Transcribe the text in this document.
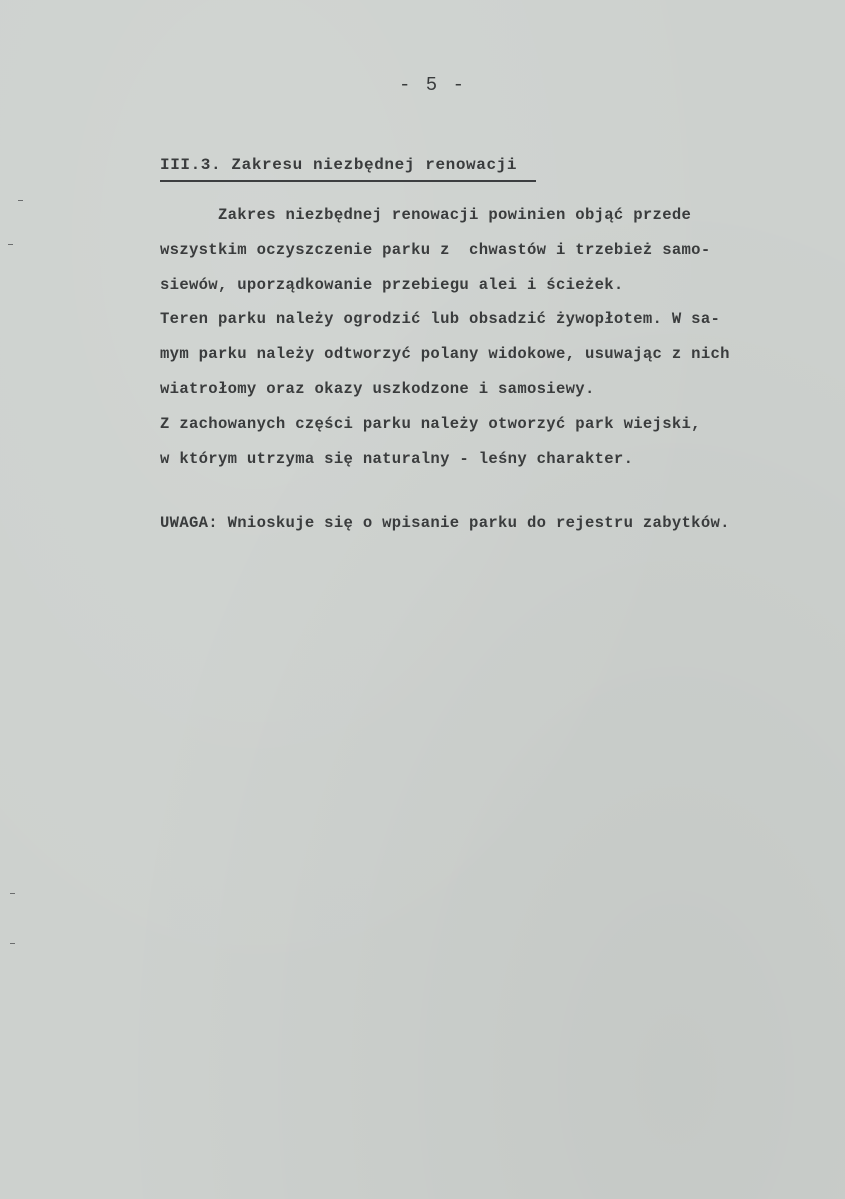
- 5 -
III.3. Zakresu niezbędnej renowacji
Zakres niezbędnej renowacji powinien objąć przede
wszystkim oczyszczenie parku z  chwastów i trzebież samo-
siewów, uporządkowanie przebiegu alei i ścieżek.
Teren parku należy ogrodzić lub obsadzić żywopłotem. W sa-
mym parku należy odtworzyć polany widokowe, usuwając z nich
wiatrołomy oraz okazy uszkodzone i samosiewy.
Z zachowanych części parku należy otworzyć park wiejski,
w którym utrzyma się naturalny - leśny charakter.
UWAGA: Wnioskuje się o wpisanie parku do rejestru zabytków.
